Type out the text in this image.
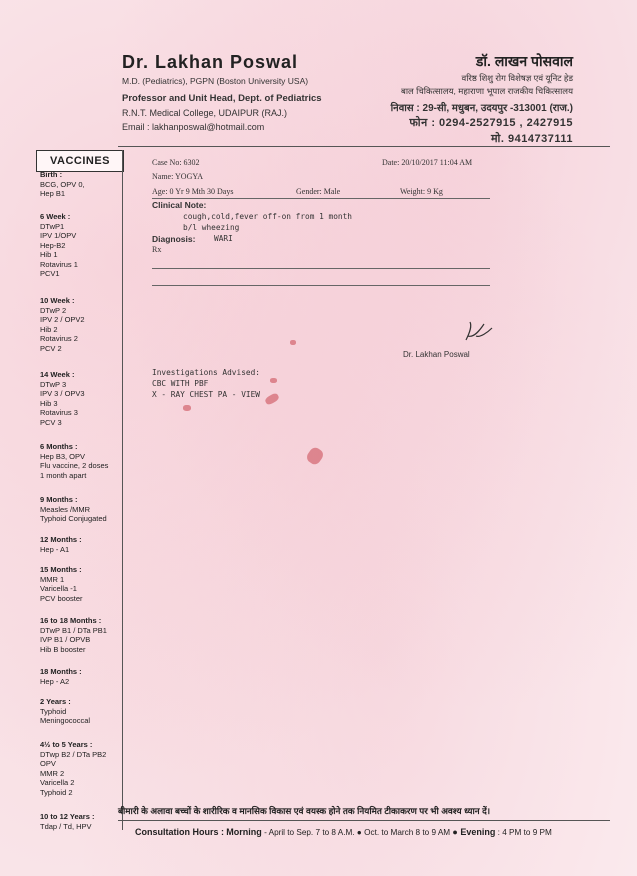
Dr. Lakhan Poswal
M.D. (Pediatrics), PGPN (Boston University USA)
Professor and Unit Head, Dept. of Pediatrics
R.N.T. Medical College, UDAIPUR (RAJ.)
Email : lakhanposwal@hotmail.com
डॉ. लाखन पोसवाल
वरिष्ठ शिशु रोग विशेषज्ञ एवं यूनिट हेड
बाल चिकित्सालय, महाराणा भूपाल राजकीय चिकित्सालय
निवास : 29-सी, मधुबन, उदयपुर -313001 (राज.)
फोन : 0294-2527915 , 2427915
मो. 9414737111
VACCINES
Birth :
BCG, OPV 0,
Hep B1
6 Week :
DTwP1
IPV 1/OPV
Hep-B2
Hib 1
Rotavirus 1
PCV1
10 Week :
DTwP 2
IPV 2 / OPV2
Hib 2
Rotavirus 2
PCV 2
14 Week :
DTwP 3
IPV 3 / OPV3
Hib 3
Rotavirus 3
PCV 3
6 Months :
Hep B3, OPV
Flu vaccine, 2 doses
1 month apart
9 Months :
Measles /MMR
Typhoid Conjugated
12 Months :
Hep - A1
15 Months :
MMR 1
Varicella -1
PCV booster
16 to 18 Months :
DTwP B1 / DTa PB1
IVP B1 / OPVB
Hib B booster
18 Months :
Hep - A2
2 Years :
Typhoid
Meningococcal
4½ to 5 Years :
DTwp B2 / DTa PB2
OPV
MMR 2
Varicella 2
Typhoid 2
10 to 12 Years :
Tdap / Td, HPV
Case No: 6302	Date: 20/10/2017 11:04 AM
Name: YOGYA
Age: 0 Yr 9 Mth 30 Days	Gender: Male	Weight: 9 Kg
Clinical Note:
cough,cold,fever off-on from 1 month
b/l wheezing
Diagnosis: WARI
Rx
Dr. Lakhan Poswal
Investigations Advised:
CBC WITH PBF
X - RAY CHEST PA - VIEW
बीमारी के अलावा बच्चों के शारीरिक व मानसिक विकास एवं वयस्क होने तक नियमित टीकाकरण पर भी अवश्य ध्यान दें।
Consultation Hours : Morning - April to Sep. 7 to 8 A.M. ● Oct. to March 8 to 9 AM ● Evening : 4 PM to 9 PM
